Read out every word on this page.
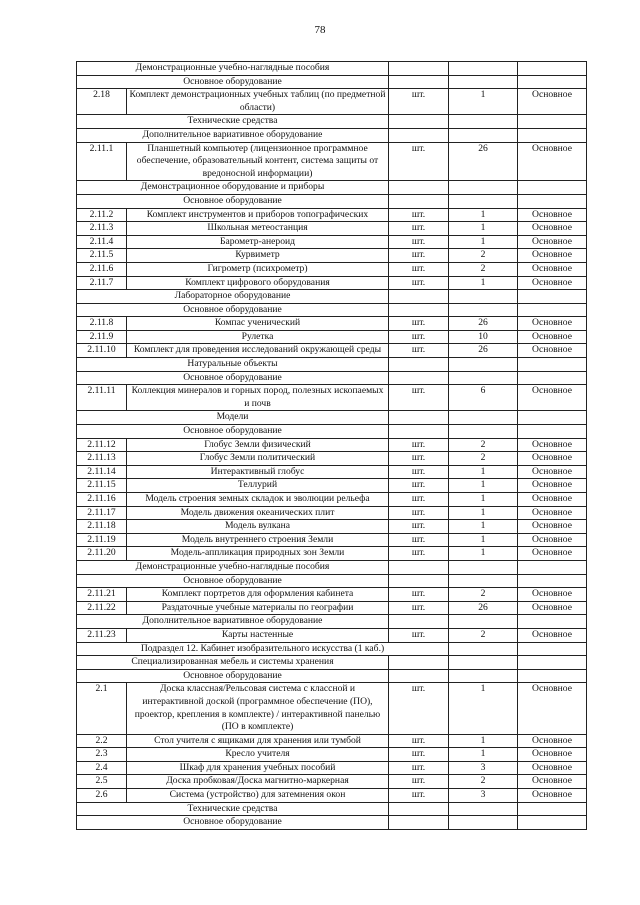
78
Демонстрационные учебно-наглядные пособия				
Основное оборудование				
2.18	Комплект демонстрационных учебных таблиц (по предметной области)	шт.	1	Основное
Технические средства				
Дополнительное вариативное оборудование				
2.11.1	Планшетный компьютер (лицензионное программное обеспечение, образовательный контент, система защиты от вредоносной информации)	шт.	26	Основное
Демонстрационное оборудование и приборы				
Основное оборудование				
2.11.2	Комплект инструментов и приборов топографических	шт.	1	Основное
2.11.3	Школьная метеостанция	шт.	1	Основное
2.11.4	Барометр-анероид	шт.	1	Основное
2.11.5	Курвиметр	шт.	2	Основное
2.11.6	Гигрометр (психрометр)	шт.	2	Основное
2.11.7	Комплект цифрового оборудования	шт.	1	Основное
Лабораторное оборудование				
Основное оборудование				
2.11.8	Компас ученический	шт.	26	Основное
2.11.9	Рулетка	шт.	10	Основное
2.11.10	Комплект для проведения исследований окружающей среды	шт.	26	Основное
Натуральные объекты				
Основное оборудование				
2.11.11	Коллекция минералов и горных пород, полезных ископаемых и почв	шт.	6	Основное
Модели				
Основное оборудование				
2.11.12	Глобус Земли физический	шт.	2	Основное
2.11.13	Глобус Земли политический	шт.	2	Основное
2.11.14	Интерактивный глобус	шт.	1	Основное
2.11.15	Теллурий	шт.	1	Основное
2.11.16	Модель строения земных складок и эволюции рельефа	шт.	1	Основное
2.11.17	Модель движения океанических плит	шт.	1	Основное
2.11.18	Модель вулкана	шт.	1	Основное
2.11.19	Модель внутреннего строения Земли	шт.	1	Основное
2.11.20	Модель-аппликация природных зон Земли	шт.	1	Основное
Демонстрационные учебно-наглядные пособия				
Основное оборудование				
2.11.21	Комплект портретов для оформления кабинета	шт.	2	Основное
2.11.22	Раздаточные учебные материалы по географии	шт.	26	Основное
Дополнительное вариативное оборудование				
2.11.23	Карты настенные	шт.	2	Основное
Подраздел 12. Кабинет изобразительного искусства (1 каб.)				
Специализированная мебель и системы хранения				
Основное оборудование				
2.1	Доска классная/Рельсовая система с классной и интерактивной доской (программное обеспечение (ПО), проектор, крепления в комплекте) / интерактивной панелью (ПО в комплекте)	шт.	1	Основное
2.2	Стол учителя с ящиками для хранения или тумбой	шт.	1	Основное
2.3	Кресло учителя	шт.	1	Основное
2.4	Шкаф для хранения учебных пособий	шт.	3	Основное
2.5	Доска пробковая/Доска магнитно-маркерная	шт.	2	Основное
2.6	Система (устройство) для затемнения окон	шт.	3	Основное
Технические средства				
Основное оборудование				
